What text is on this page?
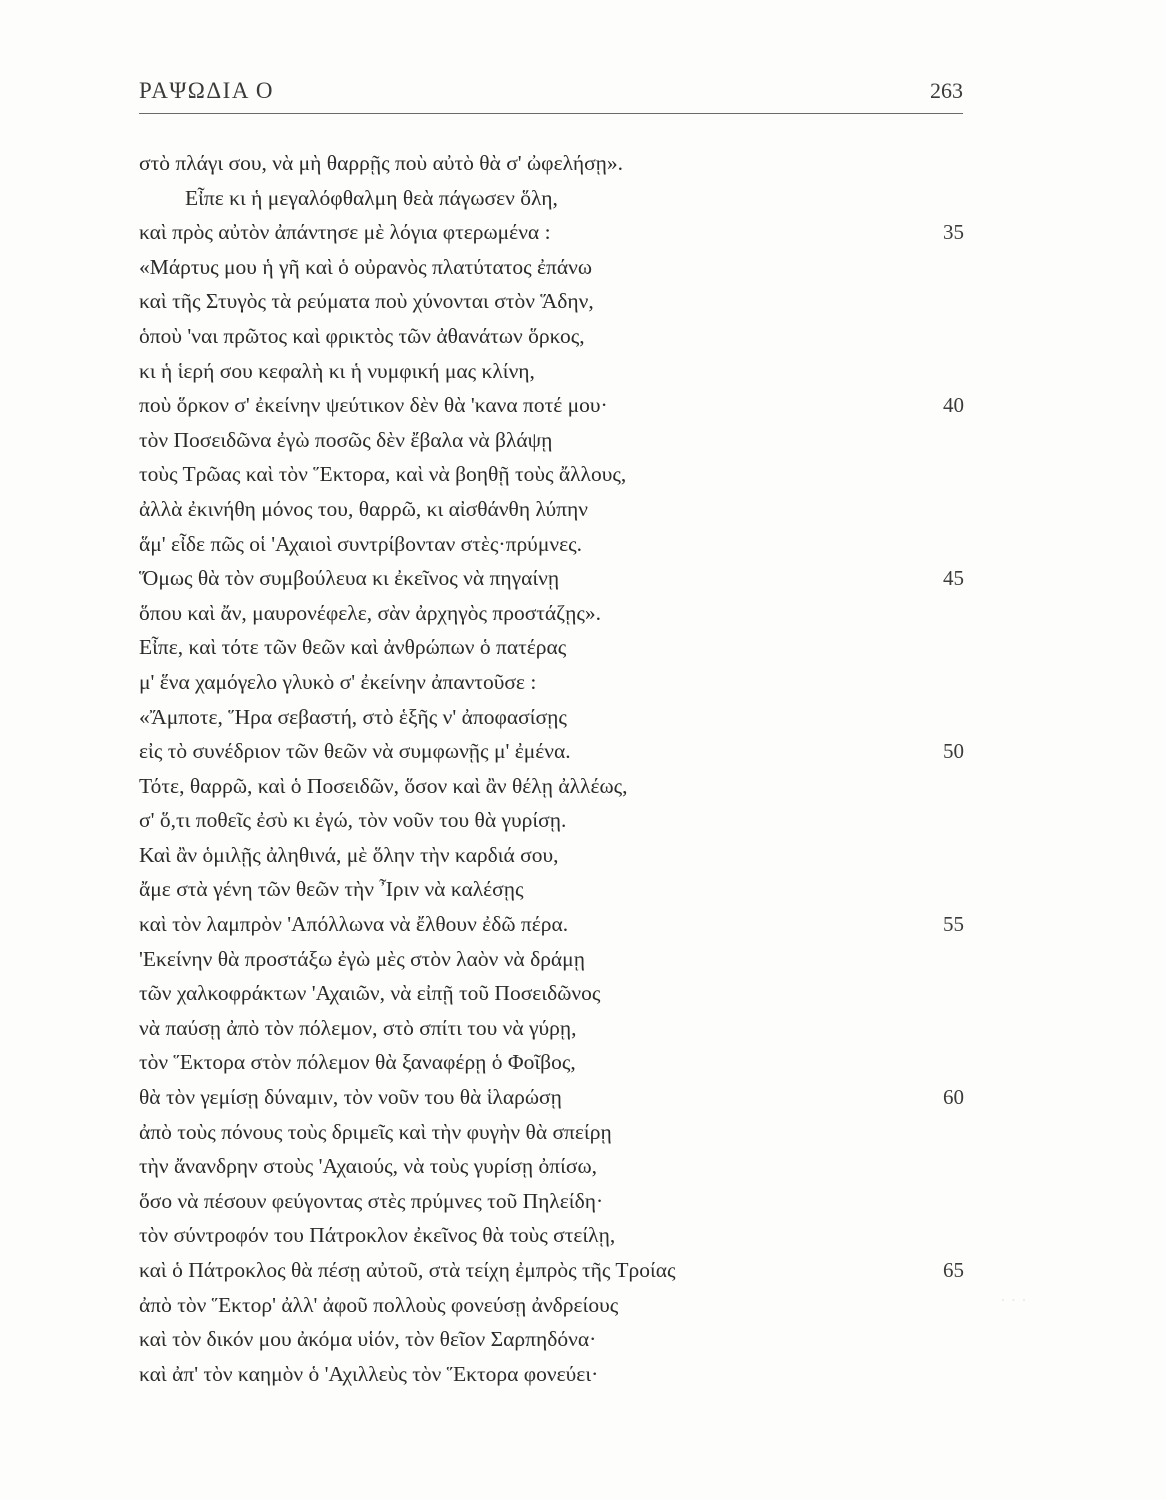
ΡΑΨΩΔΙΑ Ο	263
στὸ πλάγι σου, νὰ μὴ θαρρῇς ποὺ αὐτὸ θὰ σ' ὠφελήσῃ».
Εἶπε κι ἡ μεγαλόφθαλμη θεὰ πάγωσεν ὅλη,
καὶ πρὸς αὐτὸν ἀπάντησε μὲ λόγια φτερωμένα :	35
«Μάρτυς μου ἡ γῆ καὶ ὁ οὐρανὸς πλατύτατος ἐπάνω
καὶ τῆς Στυγὸς τὰ ρεύματα ποὺ χύνονται στὸν Ἅδην,
ὁποὺ 'ναι πρῶτος καὶ φρικτὸς τῶν ἀθανάτων ὅρκος,
κι ἡ ἱερή σου κεφαλὴ κι ἡ νυμφική μας κλίνη,
ποὺ ὅρκον σ' ἐκείνην ψεύτικον δὲν θὰ 'κανα ποτέ μου·	40
τὸν Ποσειδῶνα ἐγὼ ποσῶς δὲν ἔβαλα νὰ βλάψῃ
τοὺς Τρῶας καὶ τὸν Ἕκτορα, καὶ νὰ βοηθῇ τοὺς ἄλλους,
ἀλλὰ ἐκινήθη μόνος του, θαρρῶ, κι αἰσθάνθη λύπην
ἅμ' εἶδε πῶς οἱ 'Αχαιοὶ συντρίβονταν στὲς·πρύμνες.
Ὅμως θὰ τὸν συμβούλευα κι ἐκεῖνος νὰ πηγαίνῃ	45
ὅπου καὶ ἄν, μαυρονέφελε, σὰν ἀρχηγὸς προστάζῃς».
Εἶπε, καὶ τότε τῶν θεῶν καὶ ἀνθρώπων ὁ πατέρας
μ' ἕνα χαμόγελο γλυκὸ σ' ἐκείνην ἀπαντοῦσε :
«Ἄμποτε, Ἥρα σεβαστή, στὸ ἑξῆς ν' ἀποφασίσῃς
εἰς τὸ συνέδριον τῶν θεῶν νὰ συμφωνῇς μ' ἐμένα.	50
Τότε, θαρρῶ, καὶ ὁ Ποσειδῶν, ὅσον καὶ ἂν θέλῃ ἀλλέως,
σ' ὅ,τι ποθεῖς ἐσὺ κι ἐγώ, τὸν νοῦν του θὰ γυρίσῃ.
Καὶ ἂν ὁμιλῇς ἀληθινά, μὲ ὅλην τὴν καρδιά σου,
ἄμε στὰ γένη τῶν θεῶν τὴν Ἶριν νὰ καλέσῃς
καὶ τὸν λαμπρὸν 'Απόλλωνα νὰ ἔλθουν ἐδῶ πέρα.	55
'Εκείνην θὰ προστάξω ἐγὼ μὲς στὸν λαὸν νὰ δράμῃ
τῶν χαλκοφράκτων 'Αχαιῶν, νὰ εἰπῇ τοῦ Ποσειδῶνος
νὰ παύσῃ ἀπὸ τὸν πόλεμον, στὸ σπίτι του νὰ γύρῃ,
τὸν Ἕκτορα στὸν πόλεμον θὰ ξαναφέρῃ ὁ Φοῖβος,
θὰ τὸν γεμίσῃ δύναμιν, τὸν νοῦν του θὰ ἱλαρώσῃ	60
ἀπὸ τοὺς πόνους τοὺς δριμεῖς καὶ τὴν φυγὴν θὰ σπείρῃ
τὴν ἄνανδρην στοὺς 'Αχαιούς, νὰ τοὺς γυρίσῃ ὀπίσω,
ὅσο νὰ πέσουν φεύγοντας στὲς πρύμνες τοῦ Πηλείδη·
τὸν σύντροφόν του Πάτροκλον ἐκεῖνος θὰ τοὺς στείλῃ,
καὶ ὁ Πάτροκλος θὰ πέσῃ αὐτοῦ, στὰ τείχη ἐμπρὸς τῆς Τροίας	65
ἀπὸ τὸν Ἕκτορ' ἀλλ' ἀφοῦ πολλοὺς φονεύσῃ ἀνδρείους
καὶ τὸν δικόν μου ἀκόμα υἱόν, τὸν θεῖον Σαρπηδόνα·
καὶ ἀπ' τὸν καημὸν ὁ 'Αχιλλεὺς τὸν Ἕκτορα φονεύει·
· · ·
